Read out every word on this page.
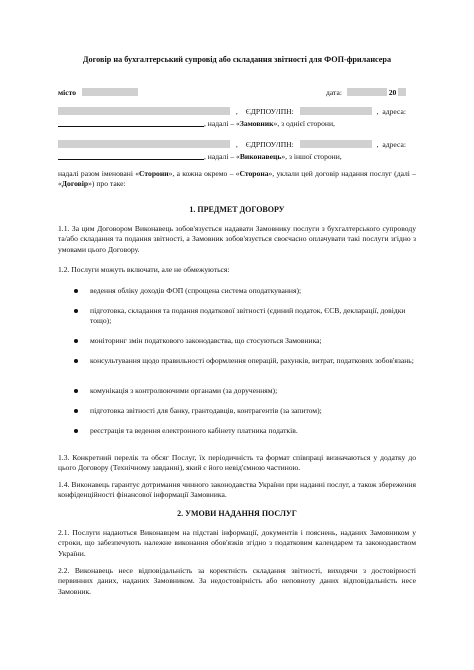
Договір на бухгалтерський супровід або складання звітності для ФОП-фрилансера
місто	дата:	20
, ЄДРПОУ/ІПН:	, адреса:
, надалі – «Замовник», з однієї сторони,
, ЄДРПОУ/ІПН:	, адреса:
, надалі – «Виконавець», з іншої сторони,
надалі разом іменовані «Сторони», а кожна окремо – «Сторона», уклали цей договір надання послуг (далі – «Договір») про таке:
1. ПРЕДМЕТ ДОГОВОРУ
1.1. За цим Договором Виконавець зобов'язується надавати Замовнику послуги з бухгалтерського супроводу та/або складання та подання звітності, а Замовник зобов'язується своєчасно оплачувати такі послуги згідно з умовами цього Договору.
1.2. Послуги можуть включати, але не обмежуються:
ведення обліку доходів ФОП (спрощена система оподаткування);
підготовка, складання та подання податкової звітності (єдиний податок, ЄСВ, декларації, довідки тощо);
моніторинг змін податкового законодавства, що стосуються Замовника;
консультування щодо правильності оформлення операцій, рахунків, витрат, податкових зобов'язань;
комунікація з контролюючими органами (за дорученням);
підготовка звітності для банку, грантодавців, контрагентів (за запитом);
реєстрація та ведення електронного кабінету платника податків.
1.3. Конкретний перелік та обсяг Послуг, їх періодичність та формат співпраці визначаються у додатку до цього Договору (Технічному завданні), який є його невід'ємною частиною.
1.4. Виконавець гарантує дотримання чинного законодавства України при наданні послуг, а також збереження конфіденційності фінансової інформації Замовника.
2. УМОВИ НАДАННЯ ПОСЛУГ
2.1. Послуги надаються Виконавцем на підставі інформації, документів і пояснень, наданих Замовником у строки, що забезпечують належне виконання обов'язків згідно з податковим календарем та законодавством України.
2.2. Виконавець несе відповідальність за коректність складання звітності, виходячи з достовірності первинних даних, наданих Замовником. За недостовірність або неповноту даних відповідальність несе Замовник.
